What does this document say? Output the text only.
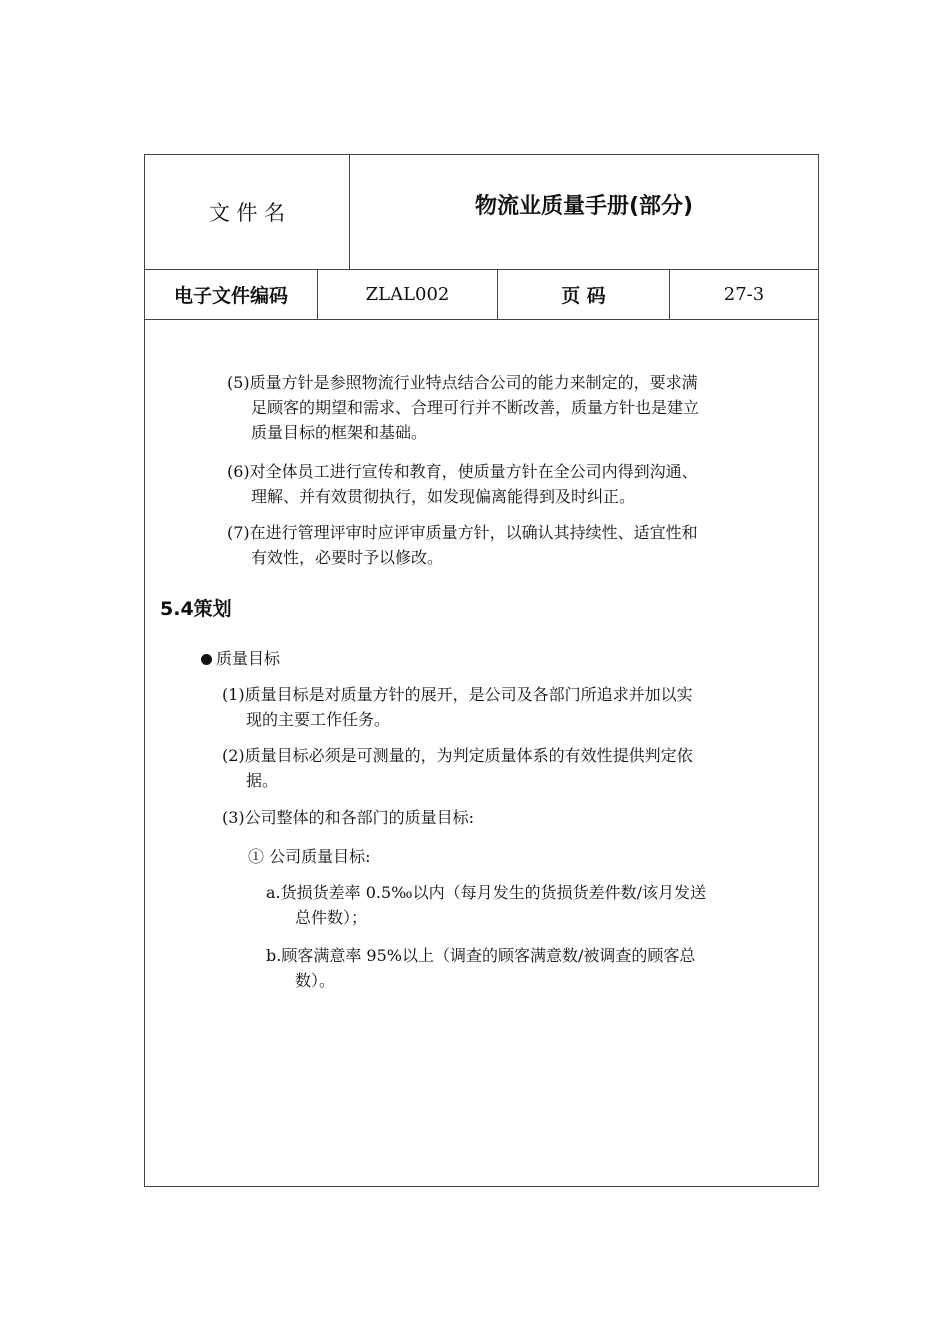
文 件 名	物流业质量手册(部分)
电子文件编码	ZLAL002	页 码	27-3
(5)质量方针是参照物流行业特点结合公司的能力来制定的，要求满
足顾客的期望和需求、合理可行并不断改善，质量方针也是建立
质量目标的框架和基础。
(6)对全体员工进行宣传和教育，使质量方针在全公司内得到沟通、
理解、并有效贯彻执行，如发现偏离能得到及时纠正。
(7)在进行管理评审时应评审质量方针，以确认其持续性、适宜性和
有效性，必要时予以修改。
5.4策划
质量目标
(1)质量目标是对质量方针的展开，是公司及各部门所追求并加以实
现的主要工作任务。
(2)质量目标必须是可测量的，为判定质量体系的有效性提供判定依
据。
(3)公司整体的和各部门的质量目标:
① 公司质量目标:
a.货损货差率 0.5‰以内（每月发生的货损货差件数/该月发送
总件数）；
b.顾客满意率 95%以上（调查的顾客满意数/被调查的顾客总
数）。
